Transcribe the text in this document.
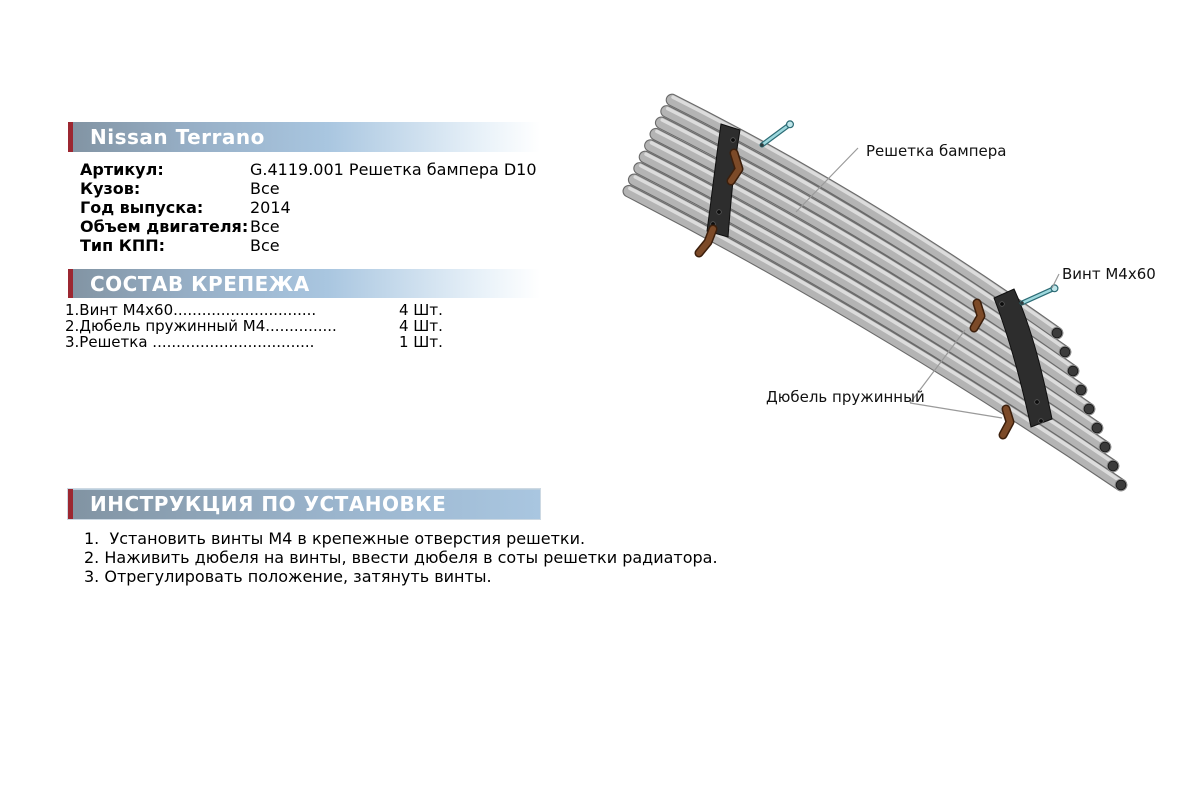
Nissan Terrano
Артикул:	G.4119.001 Решетка бампера D10
Кузов:	Все
Год выпуска:	2014
Объем двигателя: Все
Тип КПП:	Все
СОСТАВ КРЕПЕЖА
1.Винт М4х60..............................	4 Шт.
2.Дюбель пружинный М4...............	4 Шт.
3.Решетка ..................................	1 Шт.
Решетка бампера
Винт М4х60
Дюбель пружинный
ИНСТРУКЦИЯ ПО УСТАНОВКЕ
1.  Установить винты М4 в крепежные отверстия решетки.
2. Наживить дюбеля на винты, ввести дюбеля в соты решетки радиатора.
3. Отрегулировать положение, затянуть винты.
